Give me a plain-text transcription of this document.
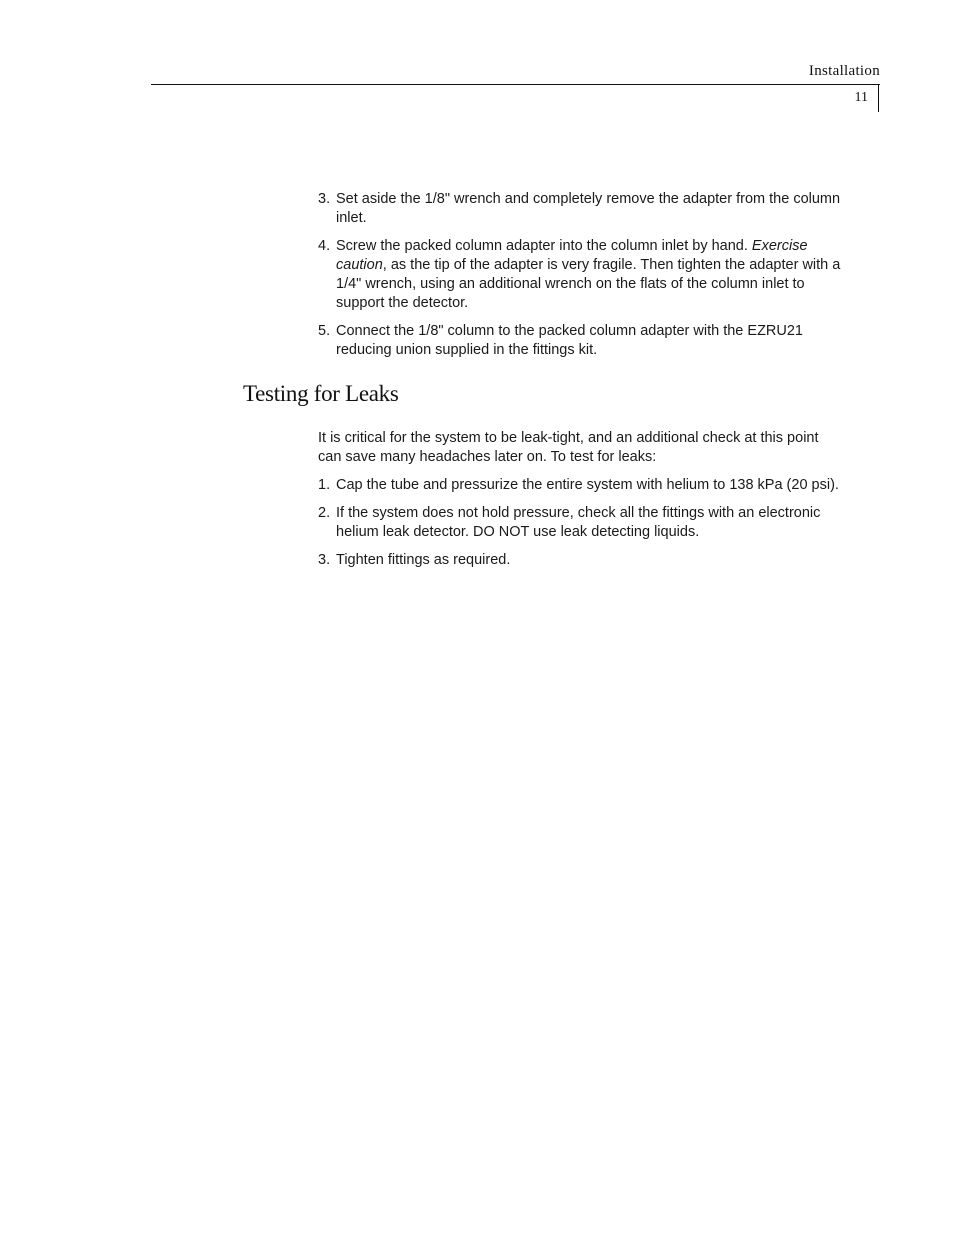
Installation
11
3. Set aside the 1/8" wrench and completely remove the adapter from the column inlet.
4. Screw the packed column adapter into the column inlet by hand. Exercise caution, as the tip of the adapter is very fragile. Then tighten the adapter with a 1/4" wrench, using an additional wrench on the flats of the column inlet to support the detector.
5. Connect the 1/8" column to the packed column adapter with the EZRU21 reducing union supplied in the fittings kit.
Testing for Leaks

It is critical for the system to be leak-tight, and an additional check at this point can save many headaches later on. To test for leaks:

1. Cap the tube and pressurize the entire system with helium to 138 kPa (20 psi).
2. If the system does not hold pressure, check all the fittings with an electronic helium leak detector. DO NOT use leak detecting liquids.
3. Tighten fittings as required.
